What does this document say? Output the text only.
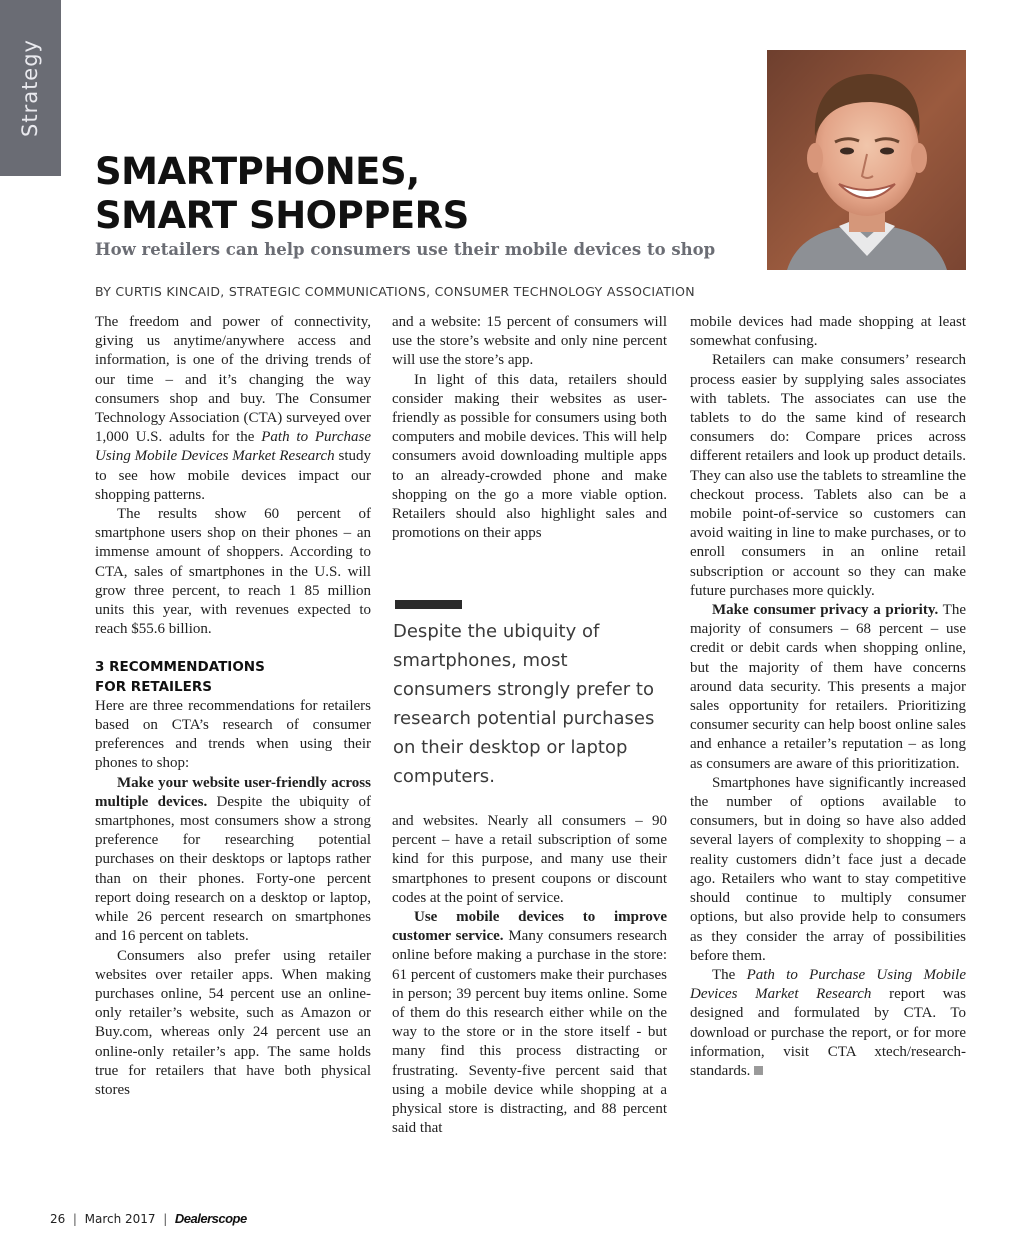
Strategy
SMARTPHONES,
SMART SHOPPERS
How retailers can help consumers use their mobile devices to shop
BY CURTIS KINCAID, STRATEGIC COMMUNICATIONS, CONSUMER TECHNOLOGY ASSOCIATION

The freedom and power of connectivity, giving us anytime/anywhere access and information, is one of the driving trends of our time – and it’s changing the way consumers shop and buy. The Consumer Technology Association (CTA) surveyed over 1,000 U.S. adults for the Path to Purchase Using Mobile Devices Market Research study to see how mobile devices impact our shopping patterns.

The results show 60 percent of smartphone users shop on their phones – an immense amount of shoppers. According to CTA, sales of smartphones in the U.S. will grow three percent, to reach 1 85 million units this year, with revenues expected to reach $55.6 billion.

3 RECOMMENDATIONS
FOR RETAILERS

Here are three recommendations for retailers based on CTA’s research of consumer preferences and trends when using their phones to shop:

Make your website user-friendly across multiple devices. Despite the ubiquity of smartphones, most consumers show a strong preference for researching potential purchases on their desktops or laptops rather than on their phones. Forty-one percent report doing research on a desktop or laptop, while 26 percent research on smartphones and 16 percent on tablets.

Consumers also prefer using retailer websites over retailer apps. When making purchases online, 54 percent use an online-only retailer’s website, such as Amazon or Buy.com, whereas only 24 percent use an online-only retailer’s app. The same holds true for retailers that have both physical stores

and a website: 15 percent of consumers will use the store’s website and only nine percent will use the store’s app.

In light of this data, retailers should consider making their websites as user-friendly as possible for consumers using both computers and mobile devices. This will help consumers avoid downloading multiple apps to an already-crowded phone and make shopping on the go a more viable option. Retailers should also highlight sales and promotions on their apps

Despite the ubiquity of smartphones, most consumers strongly prefer to research potential purchases on their desktop or laptop computers.

and websites. Nearly all consumers – 90 percent – have a retail subscription of some kind for this purpose, and many use their smartphones to present coupons or discount codes at the point of service.

Use mobile devices to improve customer service. Many consumers research online before making a purchase in the store: 61 percent of customers make their purchases in person; 39 percent buy items online. Some of them do this research either while on the way to the store or in the store itself - but many find this process distracting or frustrating. Seventy-five percent said that using a mobile device while shopping at a physical store is distracting, and 88 percent said that

mobile devices had made shopping at least somewhat confusing.

Retailers can make consumers’ research process easier by supplying sales associates with tablets. The associates can use the tablets to do the same kind of research consumers do: Compare prices across different retailers and look up product details. They can also use the tablets to streamline the checkout process. Tablets also can be a mobile point-of-service so customers can avoid waiting in line to make purchases, or to enroll consumers in an online retail subscription or account so they can make future purchases more quickly.

Make consumer privacy a priority. The majority of consumers – 68 percent – use credit or debit cards when shopping online, but the majority of them have concerns around data security. This presents a major sales opportunity for retailers. Prioritizing consumer security can help boost online sales and enhance a retailer’s reputation – as long as consumers are aware of this prioritization.

Smartphones have significantly increased the number of options available to consumers, but in doing so have also added several layers of complexity to shopping – a reality customers didn’t face just a decade ago. Retailers who want to stay competitive should continue to multiply consumer options, but also provide help to consumers as they consider the array of possibilities before them.

The Path to Purchase Using Mobile Devices Market Research report was designed and formulated by CTA. To download or purchase the report, or for more information, visit CTA xtech/research-standards.

26  |  March 2017  |  Dealerscope
